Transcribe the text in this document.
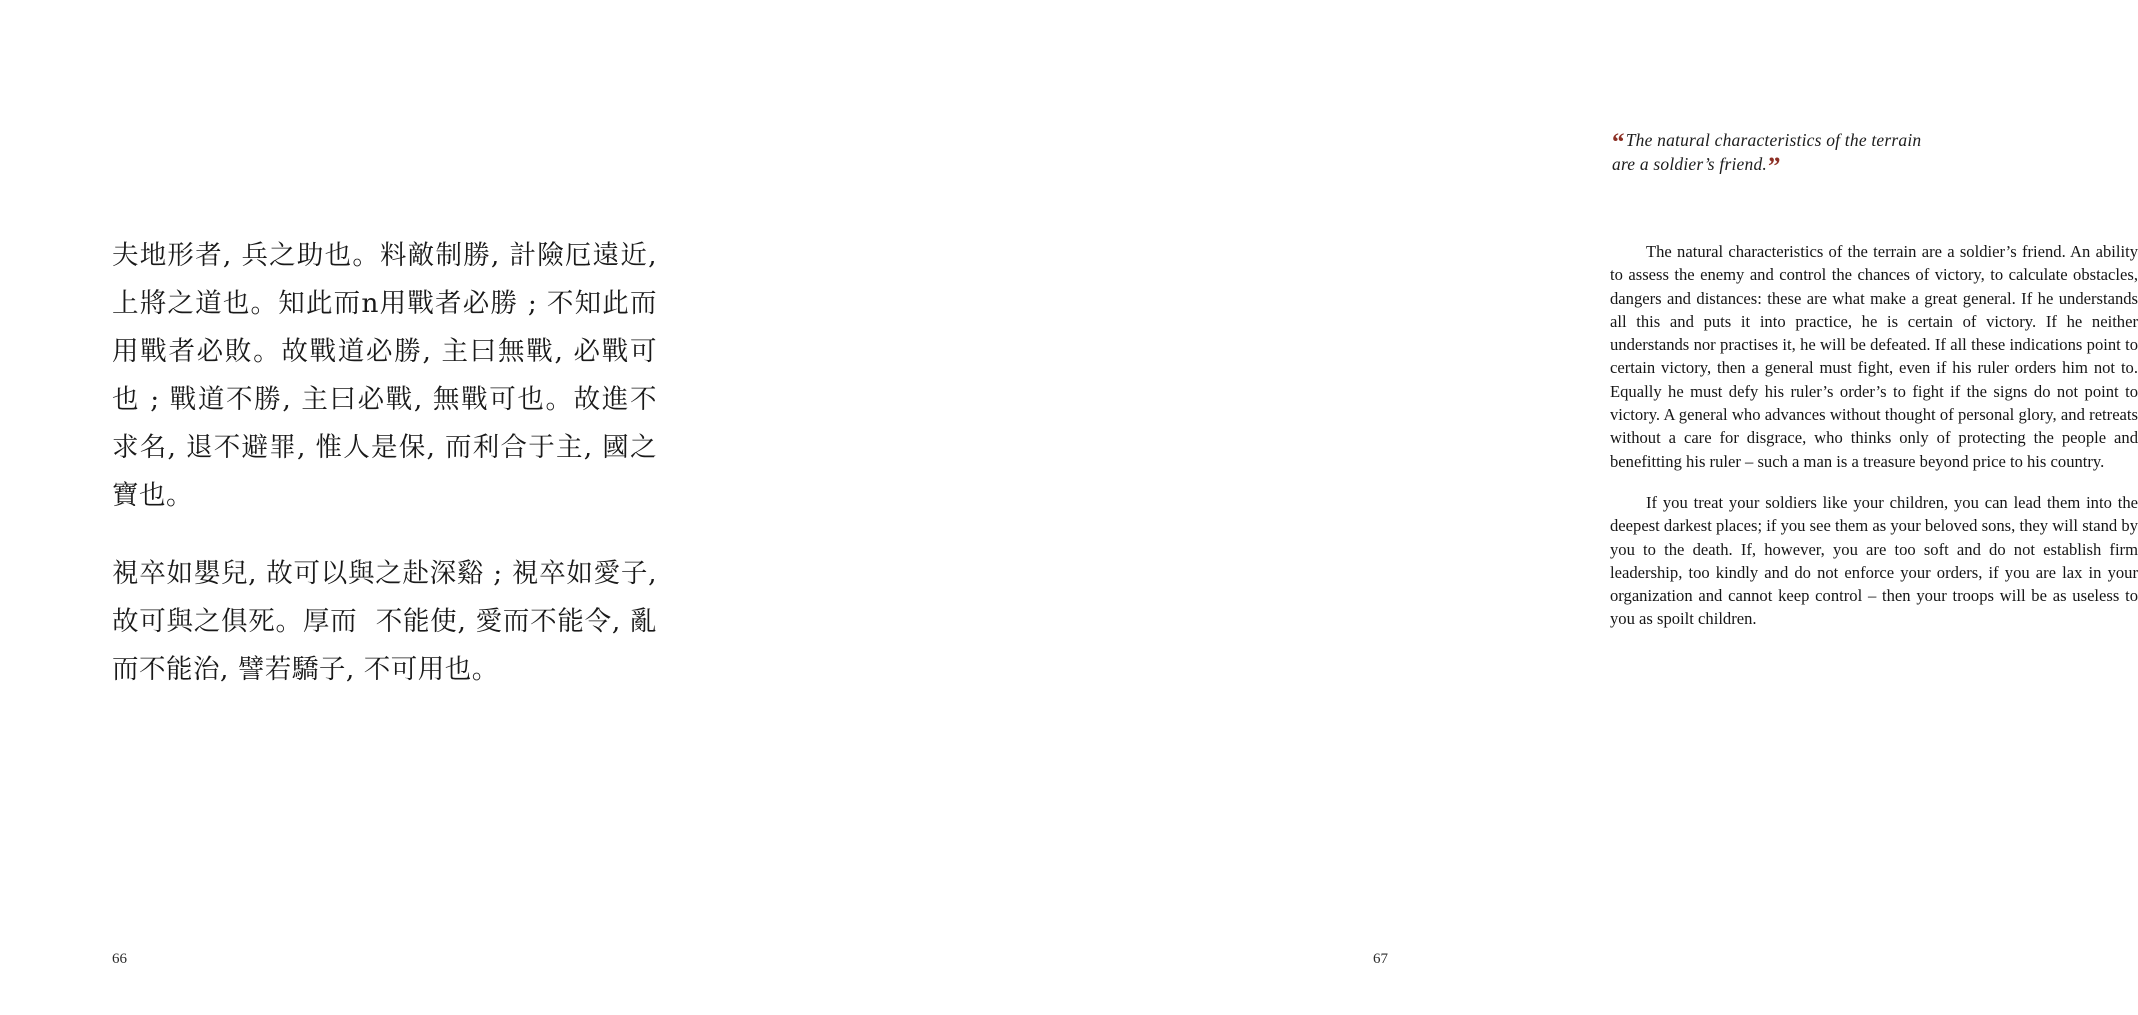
夫地形者, 兵之助也。料敵制勝, 計險厄遠近, 上將之道也。知此而n用戰者必勝 ; 不知此而用戰者必敗。故戰道必勝, 主曰無戰, 必戰可也 ; 戰道不勝, 主曰必戰, 無戰可也。故進不求名, 退不避罪, 惟人是保, 而利合于主, 國之寶也。

視卒如嬰兒, 故可以與之赴深谿 ; 視卒如愛子, 故可與之俱死。厚而  不能使, 愛而不能令, 亂而不能治, 譬若驕子, 不可用也。

66
“The natural characteristics of the terrain are a soldier’s friend.”

The natural characteristics of the terrain are a soldier’s friend. An ability to assess the enemy and control the chances of victory, to calculate obstacles, dangers and distances: these are what make a great general. If he understands all this and puts it into practice, he is certain of victory. If he neither understands nor practises it, he will be defeated. If all these indications point to certain victory, then a general must fight, even if his ruler orders him not to. Equally he must defy his ruler’s order’s to fight if the signs do not point to victory. A general who advances without thought of personal glory, and retreats without a care for disgrace, who thinks only of protecting the people and benefitting his ruler – such a man is a treasure beyond price to his country.

If you treat your soldiers like your children, you can lead them into the deepest darkest places; if you see them as your beloved sons, they will stand by you to the death. If, however, you are too soft and do not establish firm leadership, too kindly and do not enforce your orders, if you are lax in your organization and cannot keep control – then your troops will be as useless to you as spoilt children.

67
